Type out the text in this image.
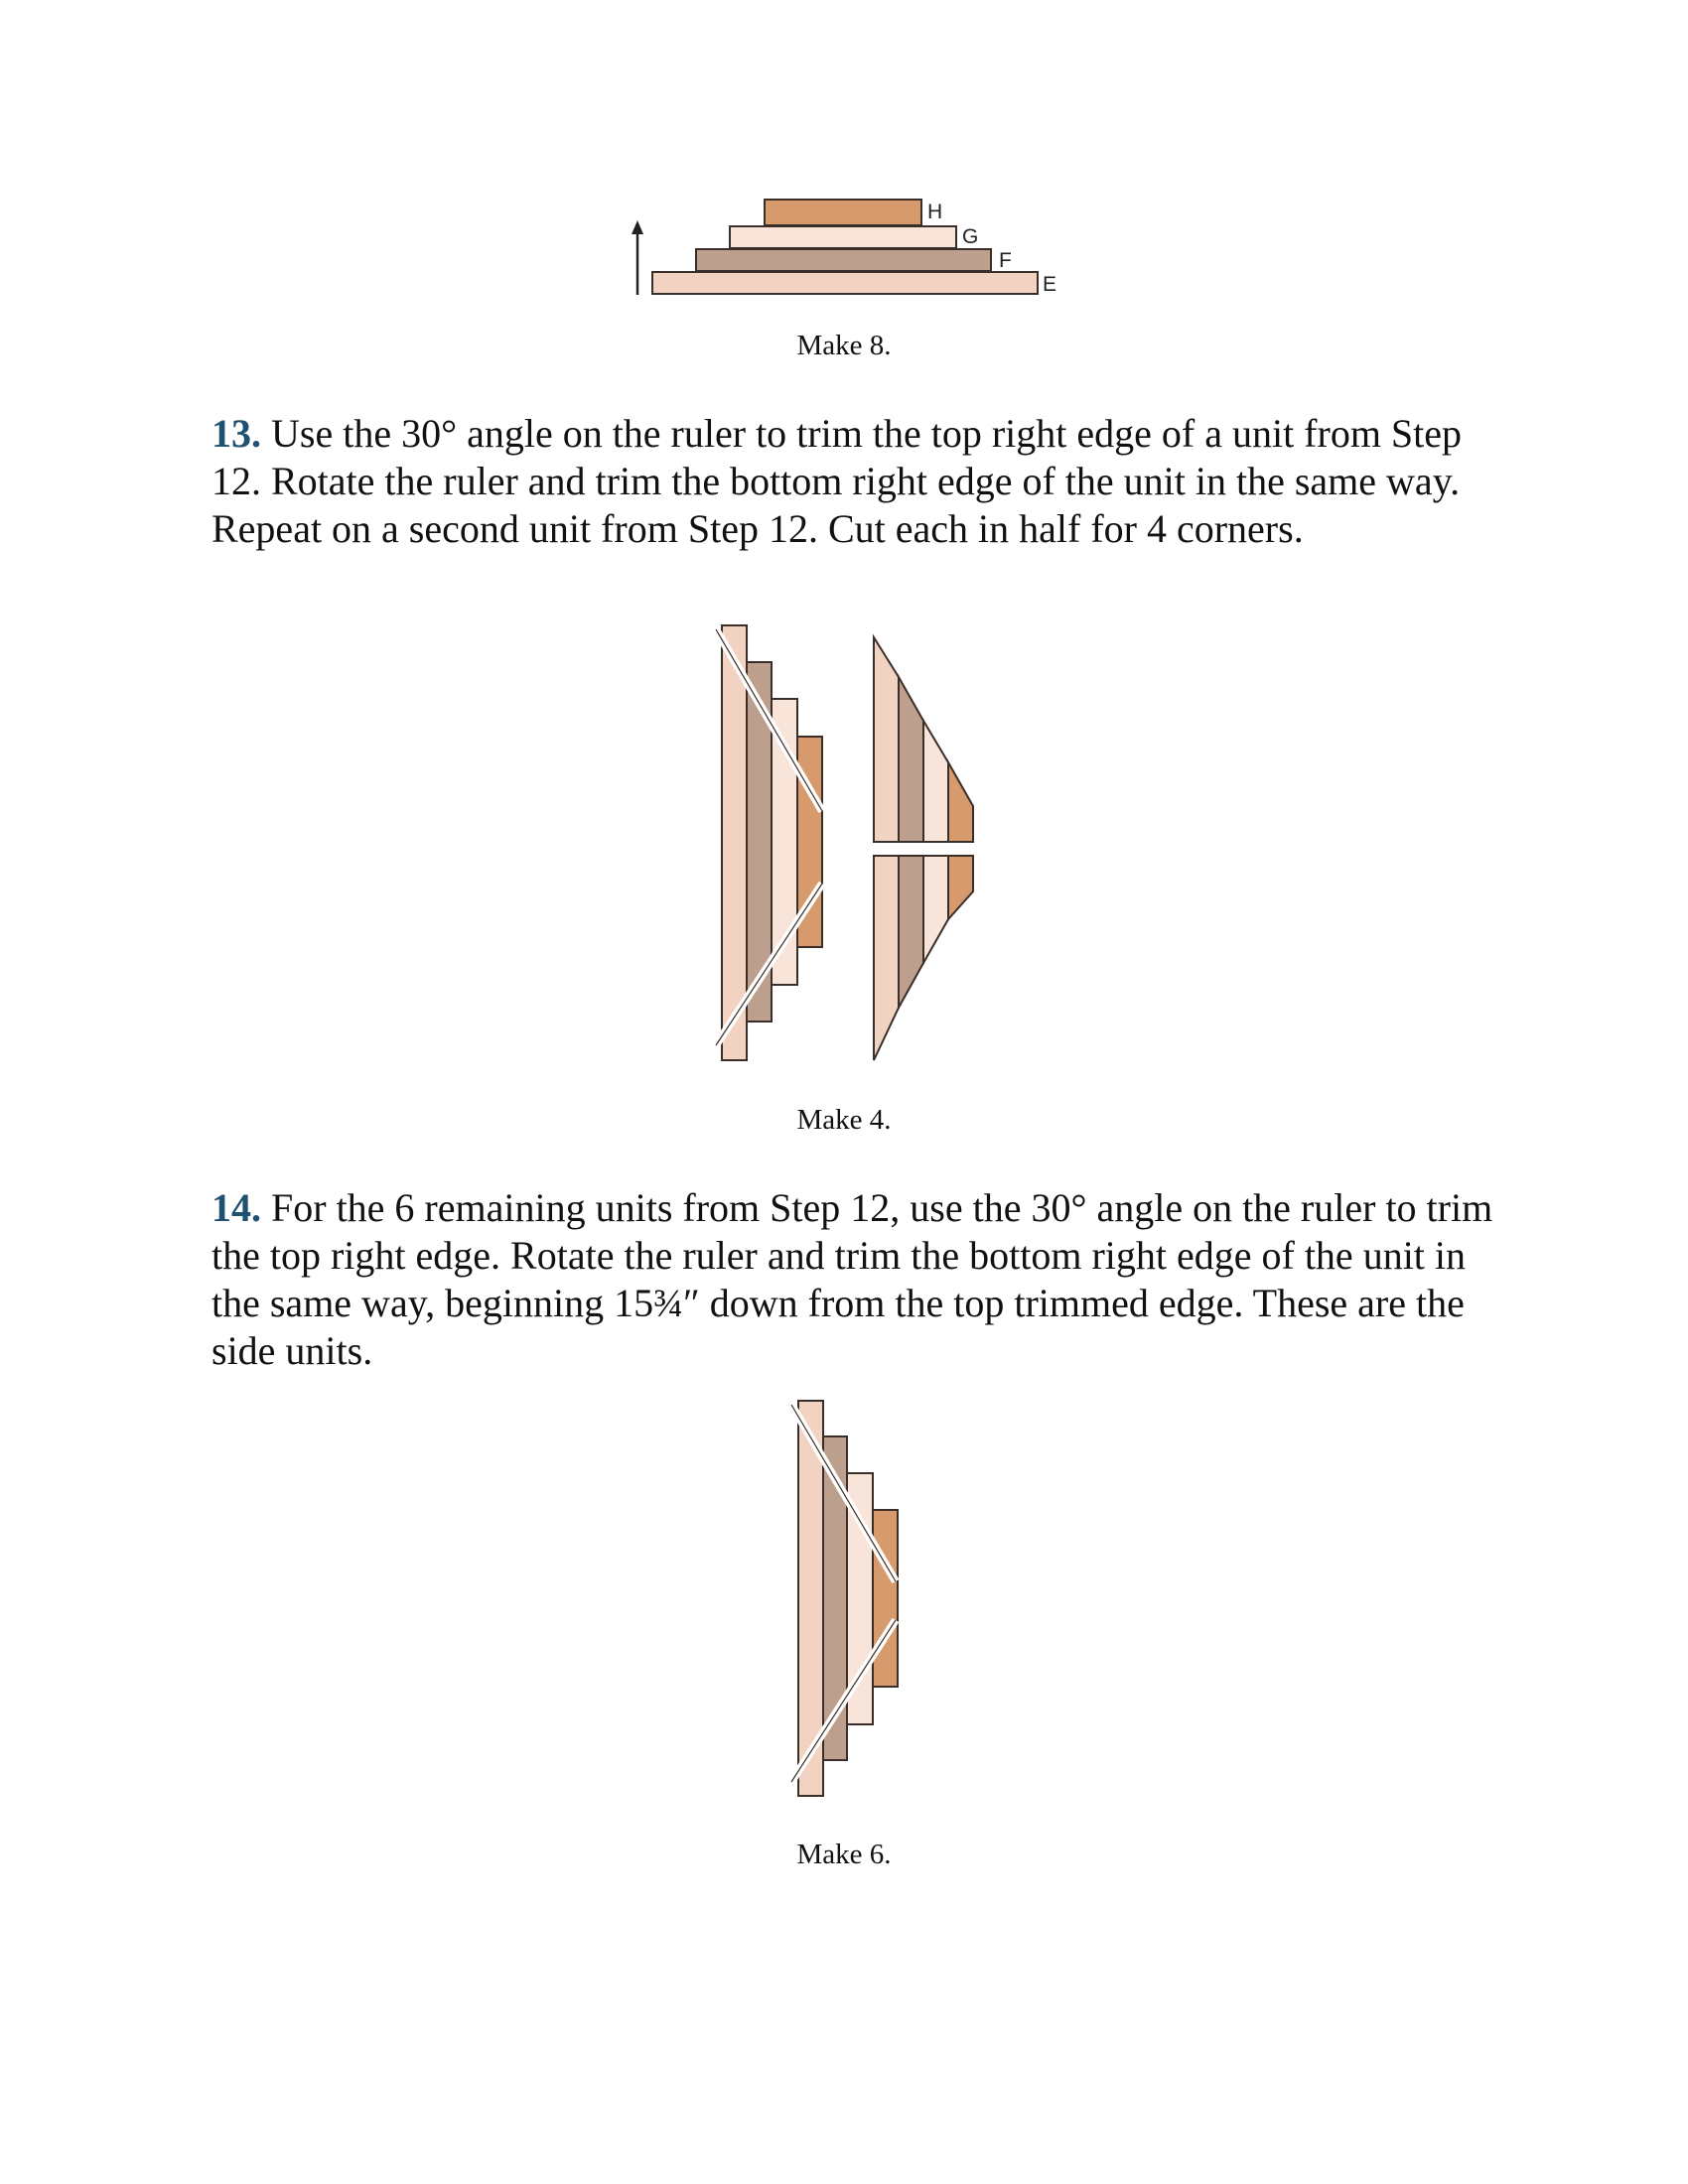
H
G
F
E
Make 8.

13. Use the 30° angle on the ruler to trim the top right edge of a unit from Step 12. Rotate the ruler and trim the bottom right edge of the unit in the same way. Repeat on a second unit from Step 12. Cut each in half for 4 corners.

Make 4.

14. For the 6 remaining units from Step 12, use the 30° angle on the ruler to trim the top right edge. Rotate the ruler and trim the bottom right edge of the unit in the same way, beginning 15¾″ down from the top trimmed edge. These are the side units.

Make 6.
